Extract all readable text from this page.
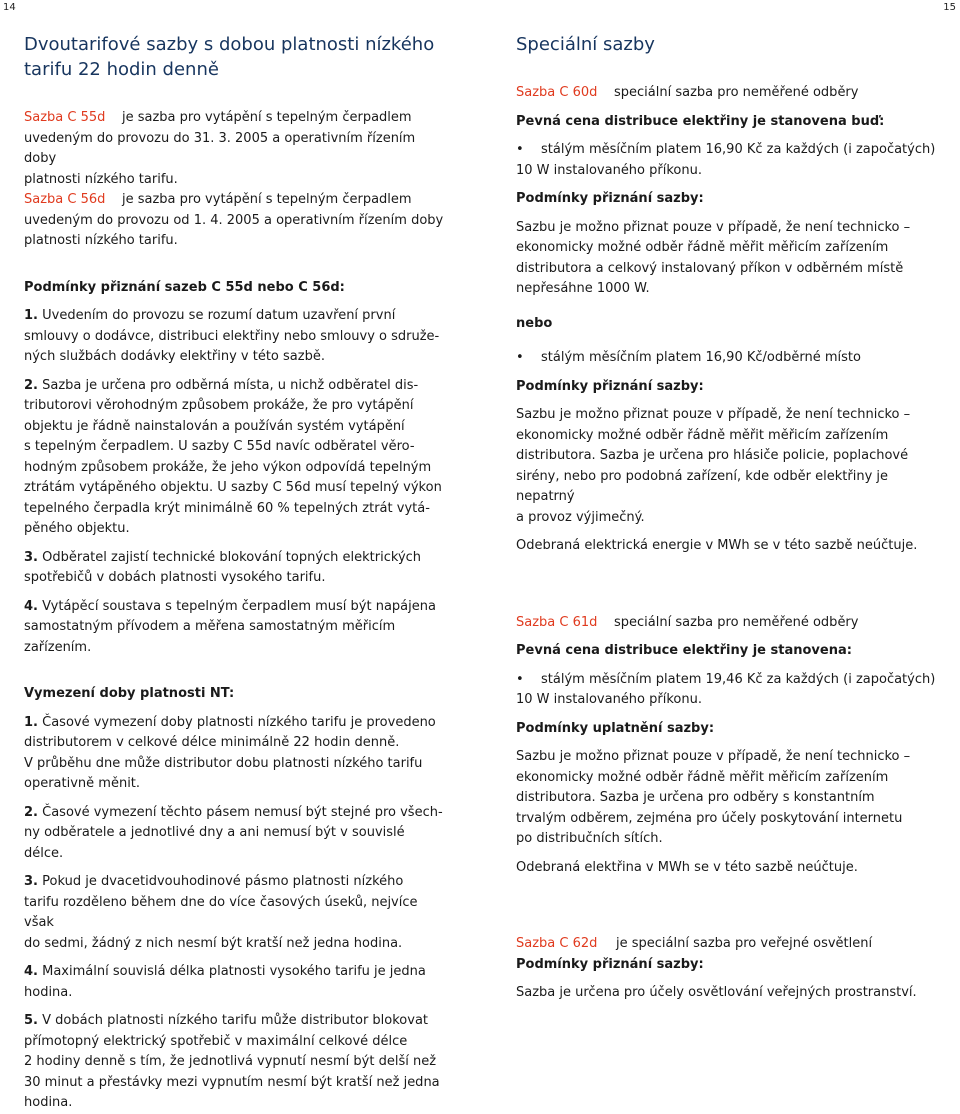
14	15
Dvoutarifové sazby s dobou platnosti nízkého
tarifu 22 hodin denně
Sazba C 55d	je sazba pro vytápění s tepelným čerpadlem
uvedeným do provozu do 31. 3. 2005 a operativním řízením doby
platnosti nízkého tarifu.
Sazba C 56d	je sazba pro vytápění s tepelným čerpadlem
uvedeným do provozu od 1. 4. 2005 a operativním řízením doby
platnosti nízkého tarifu.
Podmínky přiznání sazeb C 55d nebo C 56d:
1. Uvedením do provozu se rozumí datum uzavření první
smlouvy o dodávce, distribuci elektřiny nebo smlouvy o sdruže-
ných službách dodávky elektřiny v této sazbě.
2. Sazba je určena pro odběrná místa, u nichž odběratel dis-
tributorovi věrohodným způsobem prokáže, že pro vytápění
objektu je řádně nainstalován a používán systém vytápění
s tepelným čerpadlem. U sazby C 55d navíc odběratel věro-
hodným způsobem prokáže, že jeho výkon odpovídá tepelným
ztrátám vytápěného objektu. U sazby C 56d musí tepelný výkon
tepelného čerpadla krýt minimálně 60 % tepelných ztrát vytá-
pěného objektu.
3. Odběratel zajistí technické blokování topných elektrických
spotřebičů v dobách platnosti vysokého tarifu.
4. Vytápěcí soustava s tepelným čerpadlem musí být napájena
samostatným přívodem a měřena samostatným měřicím zařízením.
Vymezení doby platnosti NT:
1. Časové vymezení doby platnosti nízkého tarifu je provedeno
distributorem v celkové délce minimálně 22 hodin denně.
V průběhu dne může distributor dobu platnosti nízkého tarifu
operativně měnit.
2. Časové vymezení těchto pásem nemusí být stejné pro všech-
ny odběratele a jednotlivé dny a ani nemusí být v souvislé délce.
3. Pokud je dvacetidvouhodinové pásmo platnosti nízkého
tarifu rozděleno během dne do více časových úseků, nejvíce však
do sedmi, žádný z nich nesmí být kratší než jedna hodina.
4. Maximální souvislá délka platnosti vysokého tarifu je jedna
hodina.
5. V dobách platnosti nízkého tarifu může distributor blokovat
přímotopný elektrický spotřebič v maximální celkové délce
2 hodiny denně s tím, že jednotlivá vypnutí nesmí být delší než
30 minut a přestávky mezi vypnutím nesmí být kratší než jedna
hodina.
Speciální sazby
Sazba C 60d	speciální sazba pro neměřené odběry
Pevná cena distribuce elektřiny je stanovena buď:
• stálým měsíčním platem 16,90 Kč za každých (i započatých)
10 W instalovaného příkonu.
Podmínky přiznání sazby:
Sazbu je možno přiznat pouze v případě, že není technicko –
ekonomicky možné odběr řádně měřit měřicím zařízením
distributora a celkový instalovaný příkon v odběrném místě
nepřesáhne 1000 W.
nebo
• stálým měsíčním platem 16,90 Kč/odběrné místo
Podmínky přiznání sazby:
Sazbu je možno přiznat pouze v případě, že není technicko –
ekonomicky možné odběr řádně měřit měřicím zařízením
distributora. Sazba je určena pro hlásiče policie, poplachové
sirény, nebo pro podobná zařízení, kde odběr elektřiny je nepatrný
a provoz výjimečný.
Odebraná elektrická energie v MWh se v této sazbě neúčtuje.
Sazba C 61d	speciální sazba pro neměřené odběry
Pevná cena distribuce elektřiny je stanovena:
• stálým měsíčním platem 19,46 Kč za každých (i započatých)
10 W instalovaného příkonu.
Podmínky uplatnění sazby:
Sazbu je možno přiznat pouze v případě, že není technicko –
ekonomicky možné odběr řádně měřit měřicím zařízením
distributora. Sazba je určena pro odběry s konstantním
trvalým odběrem, zejména pro účely poskytování internetu
po distribučních sítích.
Odebraná elektřina v MWh se v této sazbě neúčtuje.
Sazba C 62d	je speciální sazba pro veřejné osvětlení
Podmínky přiznání sazby:
Sazba je určena pro účely osvětlování veřejných prostranství.
